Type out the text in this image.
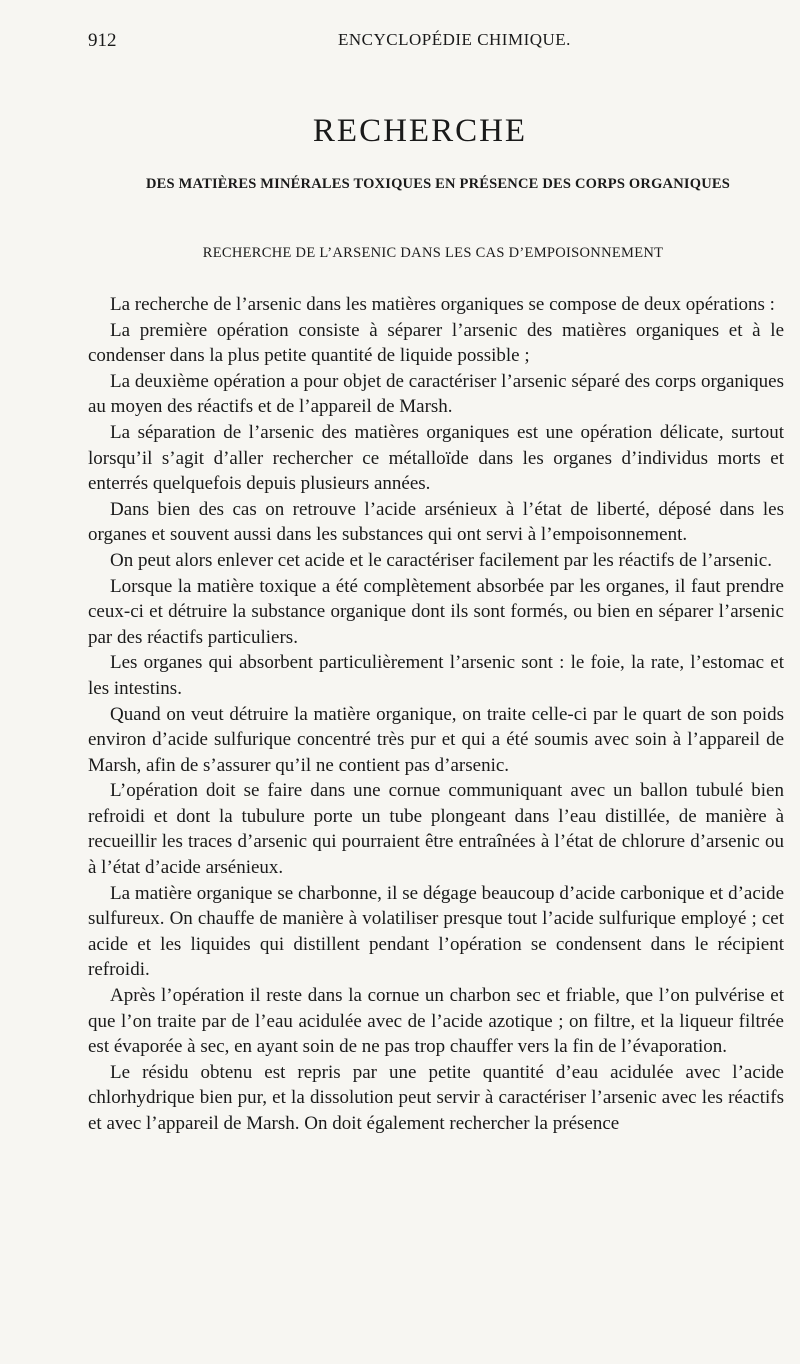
912	ENCYCLOPÉDIE CHIMIQUE.
RECHERCHE
DES MATIÈRES MINÉRALES TOXIQUES EN PRÉSENCE DES CORPS ORGANIQUES
RECHERCHE DE L’ARSENIC DANS LES CAS D’EMPOISONNEMENT

La recherche de l’arsenic dans les matières organiques se compose de deux opérations :

La première opération consiste à séparer l’arsenic des matières organiques et à le condenser dans la plus petite quantité de liquide possible ;

La deuxième opération a pour objet de caractériser l’arsenic séparé des corps organiques au moyen des réactifs et de l’appareil de Marsh.

La séparation de l’arsenic des matières organiques est une opération délicate, surtout lorsqu’il s’agit d’aller rechercher ce métalloïde dans les organes d’individus morts et enterrés quelquefois depuis plusieurs années.

Dans bien des cas on retrouve l’acide arsénieux à l’état de liberté, déposé dans les organes et souvent aussi dans les substances qui ont servi à l’empoisonnement.

On peut alors enlever cet acide et le caractériser facilement par les réactifs de l’arsenic.

Lorsque la matière toxique a été complètement absorbée par les organes, il faut prendre ceux-ci et détruire la substance organique dont ils sont formés, ou bien en séparer l’arsenic par des réactifs particuliers.

Les organes qui absorbent particulièrement l’arsenic sont : le foie, la rate, l’estomac et les intestins.

Quand on veut détruire la matière organique, on traite celle-ci par le quart de son poids environ d’acide sulfurique concentré très pur et qui a été soumis avec soin à l’appareil de Marsh, afin de s’assurer qu’il ne contient pas d’arsenic.

L’opération doit se faire dans une cornue communiquant avec un ballon tubulé bien refroidi et dont la tubulure porte un tube plongeant dans l’eau distillée, de manière à recueillir les traces d’arsenic qui pourraient être entraînées à l’état de chlorure d’arsenic ou à l’état d’acide arsénieux.

La matière organique se charbonne, il se dégage beaucoup d’acide carbonique et d’acide sulfureux. On chauffe de manière à volatiliser presque tout l’acide sulfurique employé ; cet acide et les liquides qui distillent pendant l’opération se condensent dans le récipient refroidi.

Après l’opération il reste dans la cornue un charbon sec et friable, que l’on pulvérise et que l’on traite par de l’eau acidulée avec de l’acide azotique ; on filtre, et la liqueur filtrée est évaporée à sec, en ayant soin de ne pas trop chauffer vers la fin de l’évaporation.

Le résidu obtenu est repris par une petite quantité d’eau acidulée avec l’acide chlorhydrique bien pur, et la dissolution peut servir à caractériser l’arsenic avec les réactifs et avec l’appareil de Marsh. On doit également rechercher la présence
